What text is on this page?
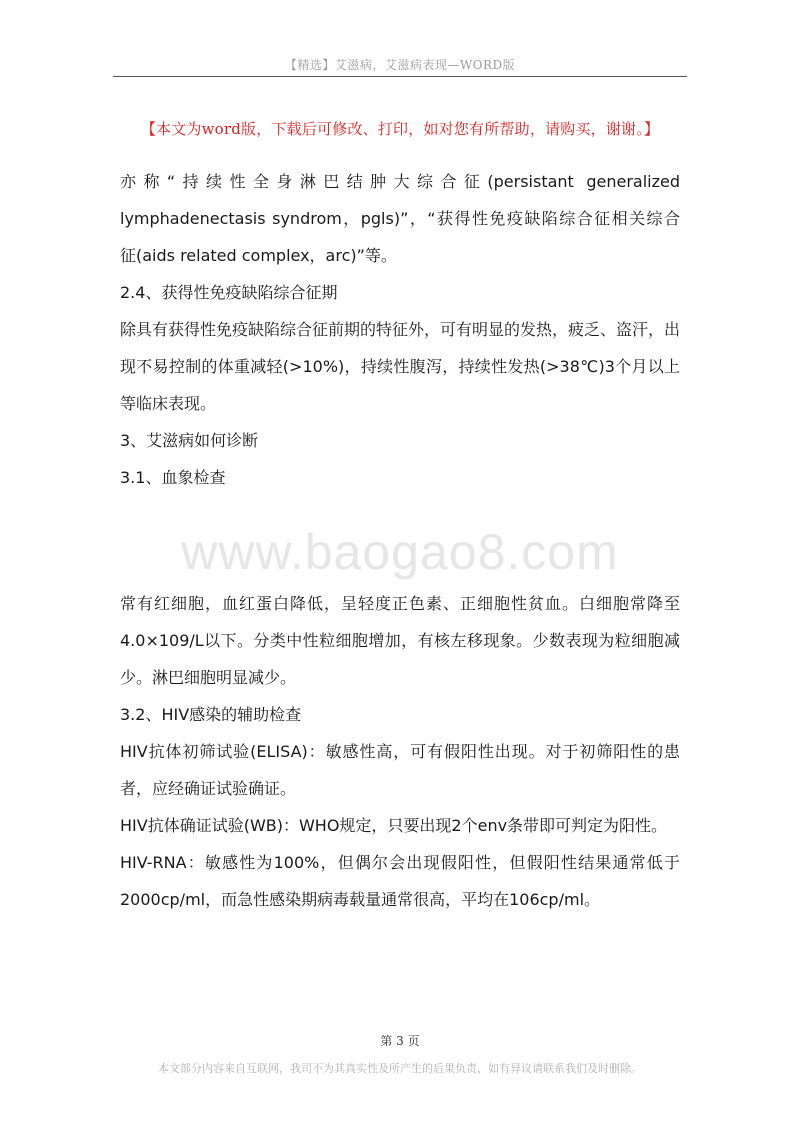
【精选】艾滋病，艾滋病表现—WORD版
【本文为word版，下载后可修改、打印，如对您有所帮助，请购买，谢谢。】
www.baogao8.com

亦称“持续性全身淋巴结肿大综合征(persistant generalized
lymphadenectasis syndrom，pgls)”，“获得性免疫缺陷综合征相关综合
征(aids related complex，arc)”等。

2.4、获得性免疫缺陷综合征期

除具有获得性免疫缺陷综合征前期的特征外，可有明显的发热，疲乏、盗汗，出现不易控制的体重减轻(>10%)，持续性腹泻，持续性发热(>38℃)3个月以上等临床表现。

3、艾滋病如何诊断

3.1、血象检查

常有红细胞，血红蛋白降低，呈轻度正色素、正细胞性贫血。白细胞常降至4.0×109/L以下。分类中性粒细胞增加，有核左移现象。少数表现为粒细胞减少。淋巴细胞明显减少。

3.2、HIV感染的辅助检查

HIV抗体初筛试验(ELISA)：敏感性高，可有假阳性出现。对于初筛阳性的患者，应经确证试验确证。

HIV抗体确证试验(WB)：WHO规定，只要出现2个env条带即可判定为阳性。

HIV-RNA：敏感性为100%，但偶尔会出现假阳性，但假阳性结果通常低于2000cp/ml，而急性感染期病毒载量通常很高，平均在106cp/ml。

第 3 页
本文部分内容来自互联网，我司不为其真实性及所产生的后果负责，如有异议请联系我们及时删除。
